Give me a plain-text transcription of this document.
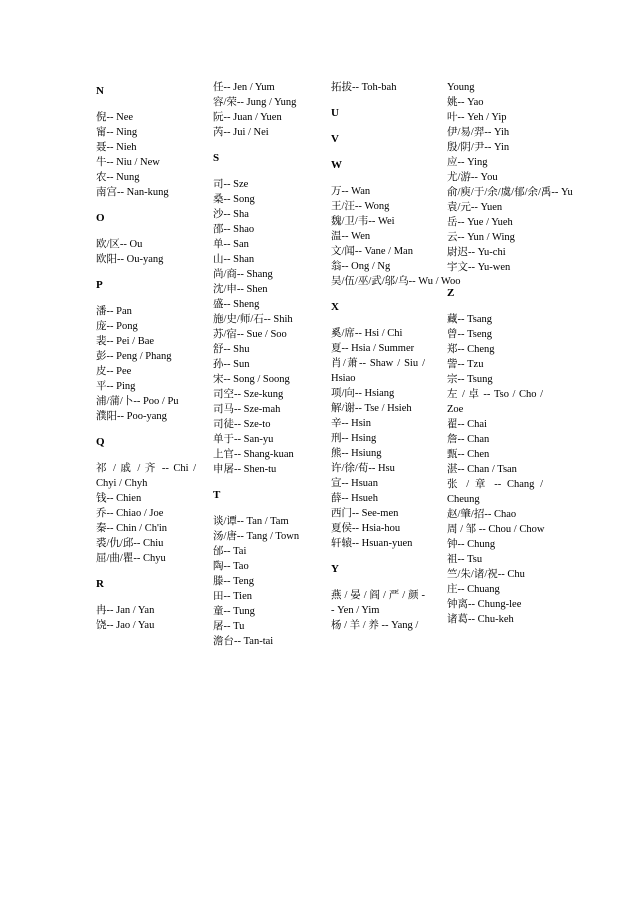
N
倪-- Nee
甯-- Ning
聂-- Nieh
牛-- Niu / New
农-- Nung
南宫-- Nan-kung
O
欧/区-- Ou
欧阳-- Ou-yang
P
潘-- Pan
庞-- Pong
裴-- Pei / Bae
彭-- Peng / Phang
皮-- Pee
平-- Ping
浦/蒲/卜-- Poo / Pu
濮阳-- Poo-yang
Q
祁 / 戚 / 齐 -- Chi / Chyi / Chyh
钱-- Chien
乔-- Chiao / Joe
秦-- Chin / Ch'in
裘/仇/邱-- Chiu
屈/曲/瞿-- Chyu
R
冉-- Jan / Yan
饶-- Jao / Yau
任-- Jen / Yum
容/荣-- Jung / Yung
阮-- Juan / Yuen
芮-- Jui / Nei
S
司-- Sze
桑-- Song
沙-- Sha
邵-- Shao
单-- San
山-- Shan
尚/商-- Shang
沈/申-- Shen
盛-- Sheng
施/史/师/石-- Shih
苏/宿-- Sue / Soo
舒-- Shu
孙-- Sun
宋-- Song / Soong
司空-- Sze-kung
司马-- Sze-mah
司徒-- Sze-to
单于-- San-yu
上官-- Shang-kuan
申屠-- Shen-tu
T
谈/谭-- Tan / Tam
汤/唐-- Tang / Town
邰-- Tai
陶-- Tao
滕-- Teng
田-- Tien
童-- Tung
屠-- Tu
澹台-- Tan-tai
拓拔-- Toh-bah
U
V
W
万-- Wan
王/汪-- Wong
魏/卫/韦-- Wei
温-- Wen
文/闻-- Vane / Man
翁-- Ong / Ng
吴/伍/巫/武/邬/乌-- Wu / Woo
X
奚/席-- Hsi / Chi
夏-- Hsia / Summer
肖/萧-- Shaw / Siu / Hsiao
项/向-- Hsiang
解/谢-- Tse / Hsieh
辛-- Hsin
刑-- Hsing
熊-- Hsiung
许/徐/荀-- Hsu
宣-- Hsuan
薛-- Hsueh
西门-- See-men
夏侯-- Hsia-hou
轩辕-- Hsuan-yuen
Y
燕 / 晏 / 阎 / 严 / 颜 -- Yen / Yim
杨 / 羊 / 养 -- Yang /
Young
姚-- Yao
叶-- Yeh / Yip
伊/易/羿-- Yih
殷/阴/尹-- Yin
应-- Ying
尤/游-- You
俞/庾/于/余/虞/郁/余/禹-- Yu
袁/元-- Yuen
岳-- Yue / Yueh
云-- Yun / Wing
尉迟-- Yu-chi
宇文-- Yu-wen
Z
藏-- Tsang
曾-- Tseng
郑-- Cheng
訾-- Tzu
宗-- Tsung
左 / 卓 -- Tso / Cho / Zoe
翟-- Chai
詹-- Chan
甄-- Chen
湛-- Chan / Tsan
张 / 章 -- Chang / Cheung
赵/肇/招-- Chao
周 / 邹 -- Chou / Chow
钟-- Chung
祖-- Tsu
竺/朱/诸/祝-- Chu
庄-- Chuang
钟离-- Chung-lee
诸葛-- Chu-keh
